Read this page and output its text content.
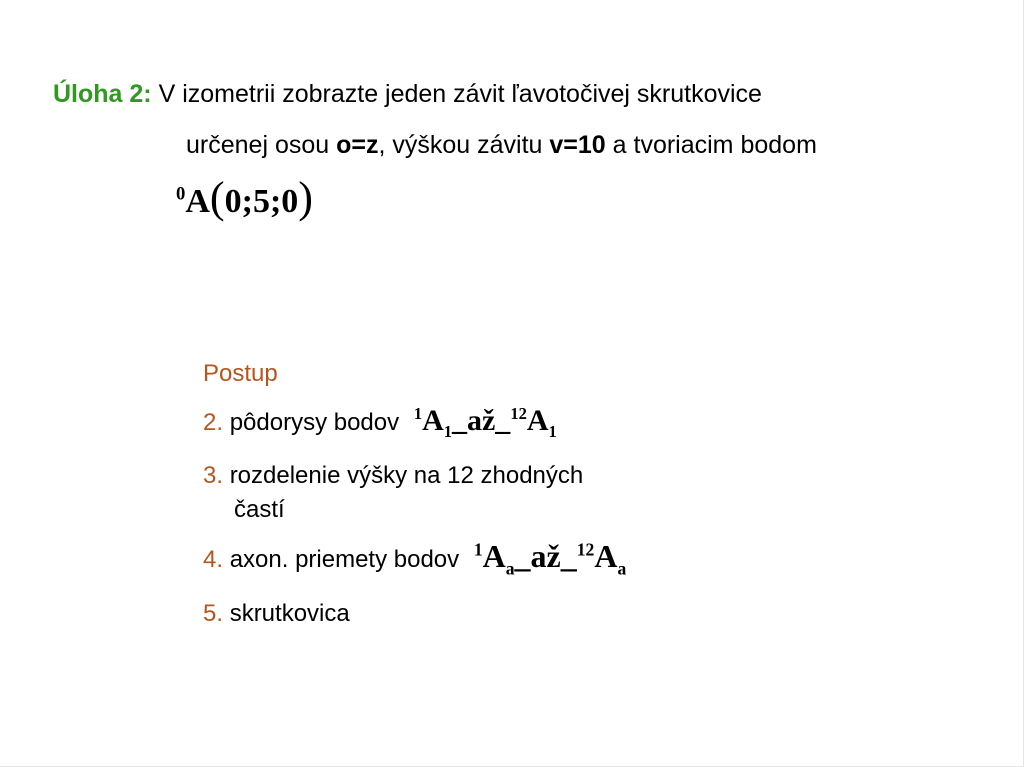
Úloha 2: V izometrii zobrazte jeden závit ľavotočivej skrutkovice
určenej osou o=z, výškou závitu v=10 a tvoriacim bodom
$^0$A(0;5;0)
Postup
2. pôdorysy bodov $^1A_1\_až\_^{12}A_1$
3. rozdelenie výšky na 12 zhodných
častí
4. axon. priemety bodov $^1A_a\_až\_^{12}A_a$
5. skrutkovica
